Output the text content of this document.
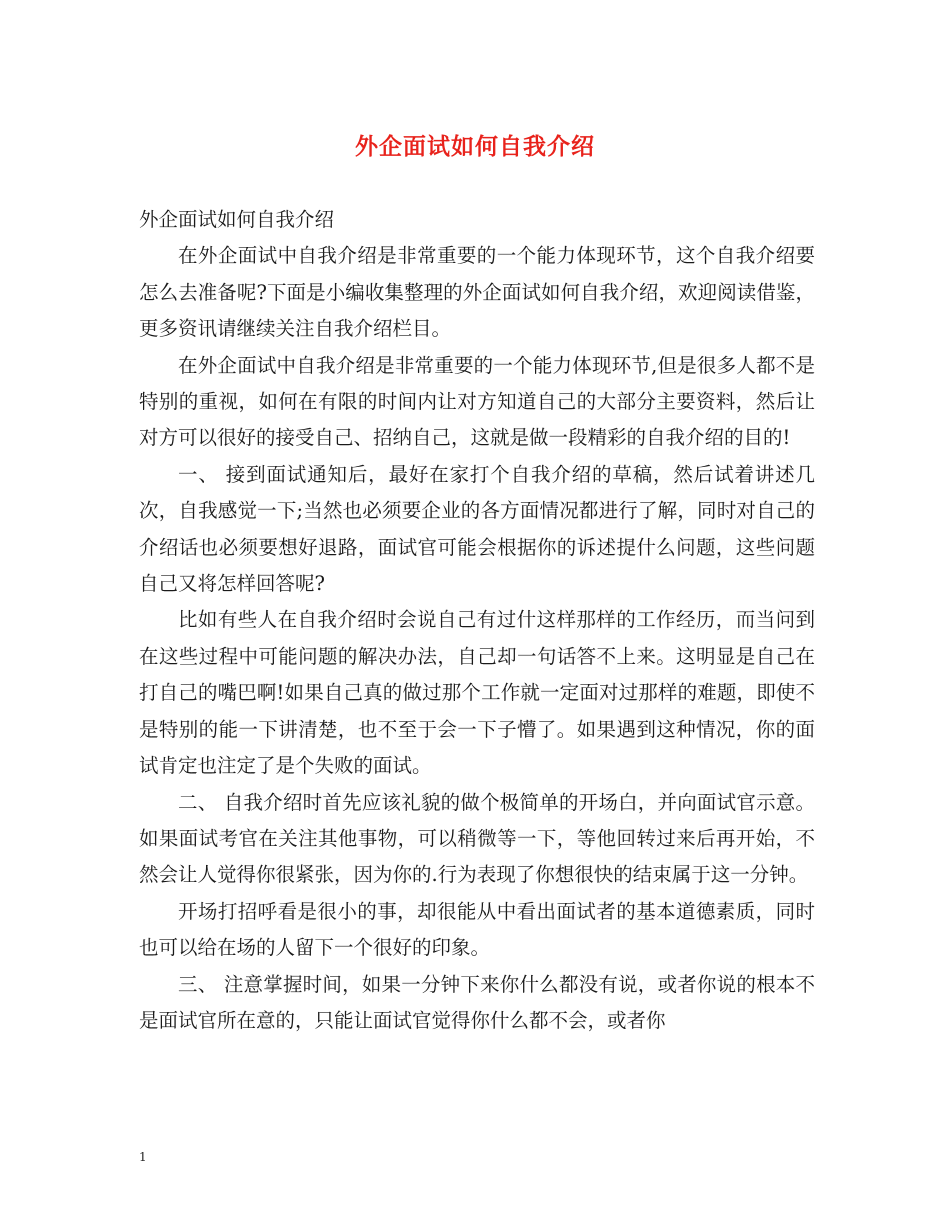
外企面试如何自我介绍

外企面试如何自我介绍

在外企面试中自我介绍是非常重要的一个能力体现环节，这个自我介绍要怎么去准备呢?下面是小编收集整理的外企面试如何自我介绍，欢迎阅读借鉴，更多资讯请继续关注自我介绍栏目。

在外企面试中自我介绍是非常重要的一个能力体现环节,但是很多人都不是特别的重视，如何在有限的时间内让对方知道自己的大部分主要资料，然后让对方可以很好的接受自己、招纳自己，这就是做一段精彩的自我介绍的目的!

一、 接到面试通知后，最好在家打个自我介绍的草稿，然后试着讲述几次，自我感觉一下;当然也必须要企业的各方面情况都进行了解，同时对自己的介绍话也必须要想好退路，面试官可能会根据你的诉述提什么问题，这些问题自己又将怎样回答呢?

比如有些人在自我介绍时会说自己有过什这样那样的工作经历，而当问到在这些过程中可能问题的解决办法，自己却一句话答不上来。这明显是自己在打自己的嘴巴啊!如果自己真的做过那个工作就一定面对过那样的难题，即使不是特别的能一下讲清楚，也不至于会一下子懵了。如果遇到这种情况，你的面试肯定也注定了是个失败的面试。

二、 自我介绍时首先应该礼貌的做个极简单的开场白，并向面试官示意。如果面试考官在关注其他事物，可以稍微等一下，等他回转过来后再开始，不然会让人觉得你很紧张，因为你的.行为表现了你想很快的结束属于这一分钟。

开场打招呼看是很小的事，却很能从中看出面试者的基本道德素质，同时也可以给在场的人留下一个很好的印象。

三、 注意掌握时间，如果一分钟下来你什么都没有说，或者你说的根本不是面试官所在意的，只能让面试官觉得你什么都不会，或者你

1
